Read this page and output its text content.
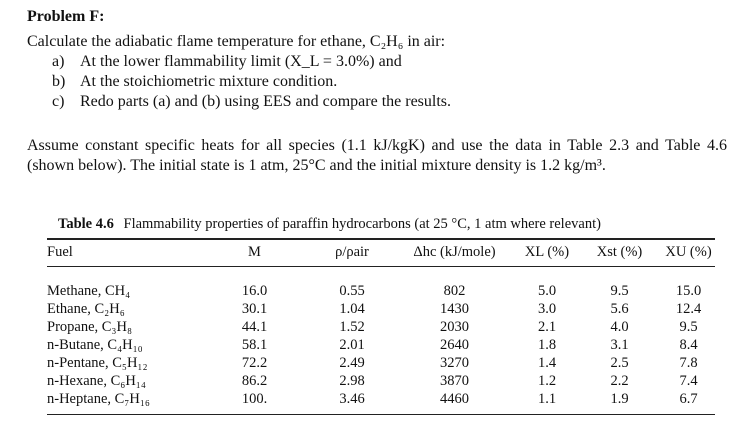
Problem F:
Calculate the adiabatic flame temperature for ethane, C₂H₆ in air:
a) At the lower flammability limit (X_L = 3.0%) and
b) At the stoichiometric mixture condition.
c) Redo parts (a) and (b) using EES and compare the results.
Assume constant specific heats for all species (1.1 kJ/kgK) and use the data in Table 2.3 and Table 4.6 (shown below). The initial state is 1 atm, 25°C and the initial mixture density is 1.2 kg/m³.
Table 4.6 Flammability properties of paraffin hydrocarbons (at 25 °C, 1 atm where relevant)
Fuel	M	ρ/ρair	Δhc (kJ/mole)	XL (%)	Xst (%)	XU (%)
Methane, CH₄	16.0	0.55	802	5.0	9.5	15.0
Ethane, C₂H₆	30.1	1.04	1430	3.0	5.6	12.4
Propane, C₃H₈	44.1	1.52	2030	2.1	4.0	9.5
n-Butane, C₄H₁₀	58.1	2.01	2640	1.8	3.1	8.4
n-Pentane, C₅H₁₂	72.2	2.49	3270	1.4	2.5	7.8
n-Hexane, C₆H₁₄	86.2	2.98	3870	1.2	2.2	7.4
n-Heptane, C₇H₁₆	100.	3.46	4460	1.1	1.9	6.7
